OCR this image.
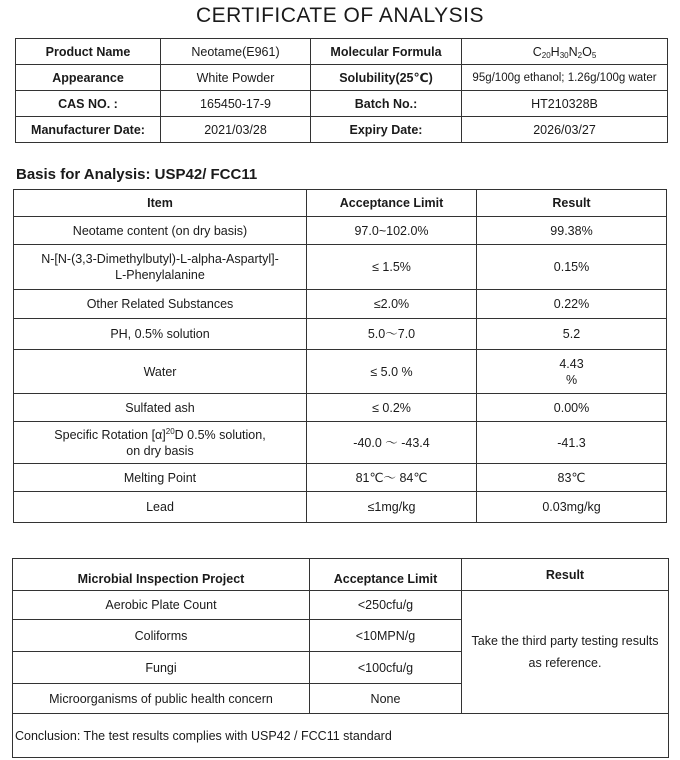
CERTIFICATE OF ANALYSIS
Product Name	Neotame(E961)	Molecular Formula	$C_{20}H_{30}N_2O_5$
Appearance	White Powder	Solubility(25℃)	95g/100g ethanol; 1.26g/100g water
CAS NO. :	165450-17-9	Batch No.:	HT210328B
Manufacturer Date:	2021/03/28	Expiry Date:	2026/03/27
Basis for Analysis: USP42/ FCC11
Item	Acceptance Limit	Result
Neotame content (on dry basis)	97.0~102.0%	99.38%

N-[N-(3,3-Dimethylbutyl)-L-alpha-Aspartyl]-
L-Phenylalanine	≤ 1.5%	0.15%
Other Related Substances	≤2.0%	0.22%
PH, 0.5% solution	5.0～7.0	5.2
Water	≤ 5.0 %	4.43
%

Sulfated ash	≤ 0.2%	0.00%

Specific Rotation $[\alpha]^{20}D$ 0.5% solution,
on dry basis	-40.0 ～ -43.4	-41.3
Melting Point	81℃～ 84℃	83℃
Lead	≤1mg/kg	0.03mg/kg
Microbial Inspection Project	Acceptance Limit	Result
Aerobic Plate Count	<250cfu/g	Take the third party testing results
as reference.

Coliforms	<10MPN/g	
Fungi	<100cfu/g	
Microorganisms of public health concern	None	
Conclusion: The test results complies with USP42 / FCC11 standard		
